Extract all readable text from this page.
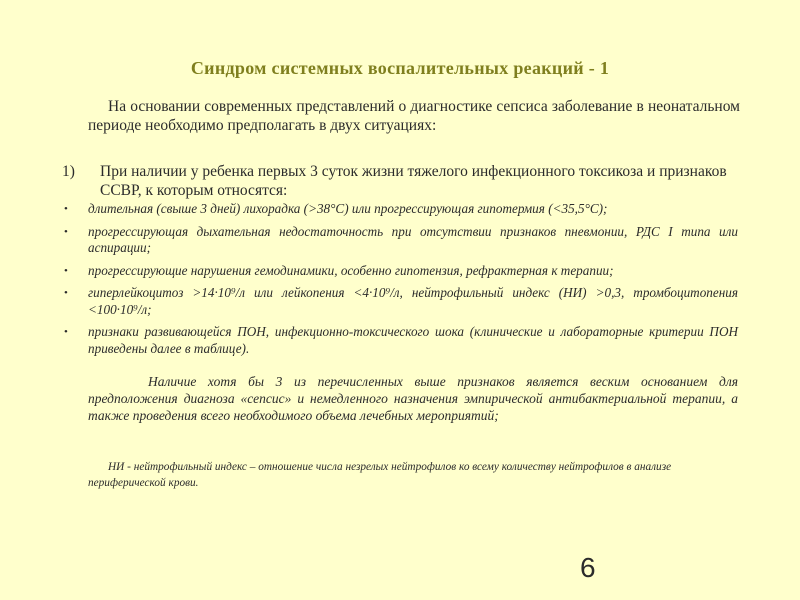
Синдром системных воспалительных реакций - 1
На основании современных представлений о диагностике сепсиса заболевание в неонатальном периоде необходимо предполагать в двух ситуациях:
1) При наличии у ребенка первых 3 суток жизни тяжелого инфекционного токсикоза и признаков ССВР, к которым относятся:
• длительная (свыше 3 дней) лихорадка (>38°С) или прогрессирующая гипотермия (<35,5°С);
• прогрессирующая дыхательная недостаточность при отсутствии признаков пневмонии, РДС I типа или аспирации;
• прогрессирующие нарушения гемодинамики, особенно гипотензия, рефрактерная к терапии;
• гиперлейкоцитоз >14·10⁹/л или лейкопения <4·10⁹/л, нейтрофильный индекс (НИ) >0,3, тромбоцитопения <100·10⁹/л;
• признаки развивающейся ПОН, инфекционно-токсического шока (клинические и лабораторные критерии ПОН приведены далее в таблице).
Наличие хотя бы 3 из перечисленных выше признаков является веским основанием для предположения диагноза «сепсис» и немедленного назначения эмпирической антибактериальной терапии, а также проведения всего необходимого объема лечебных мероприятий;
НИ - нейтрофильный индекс – отношение числа незрелых нейтрофилов ко всему количеству нейтрофилов в анализе периферической крови.
6
